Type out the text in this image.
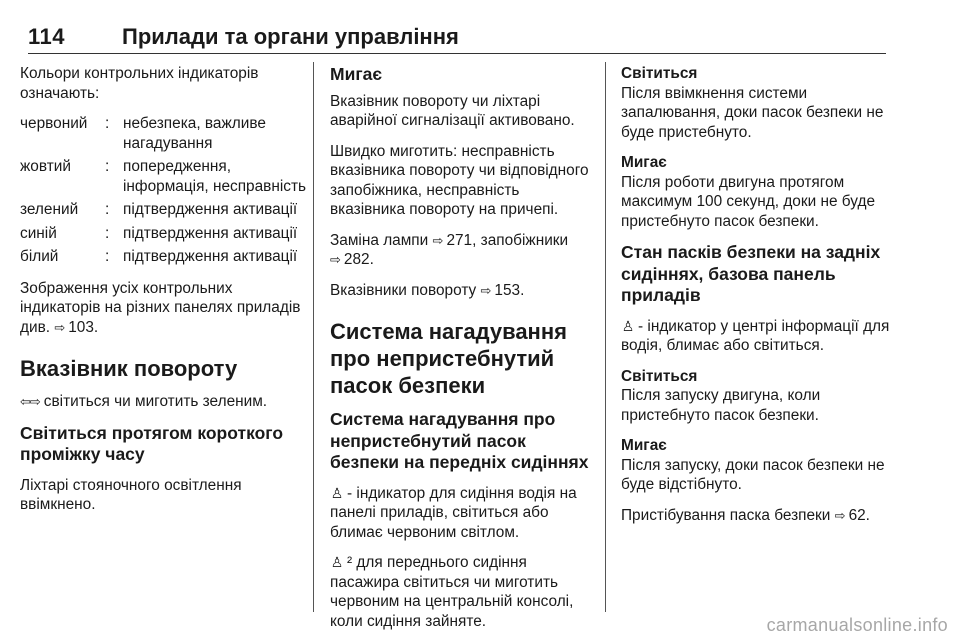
114	Прилади та органи управління

Кольори контрольних індикаторів означають:

червоний	: небезпека, важливе нагадування
жовтий	: попередження, інформація, несправність
зелений	: підтвердження активації
синій	: підтвердження активації
білий	: підтвердження активації

Зображення усіх контрольних індикаторів на різних панелях приладів див. ⇨ 103.

Вказівник повороту

⇦⇨ світиться чи миготить зеленим.

Світиться протягом короткого проміжку часу

Ліхтарі стояночного освітлення ввімкнено.

Мигає

Вказівник повороту чи ліхтарі аварійної сигналізації активовано.

Швидко миготить: несправність вказівника повороту чи відповідного запобіжника, несправність вказівника повороту на причепі.

Заміна лампи ⇨ 271, запобіжники
⇨ 282.

Вказівники повороту ⇨ 153.

Система нагадування про непристебнутий пасок безпеки
Система нагадування про непристебнутий пасок безпеки на передніх сидіннях

♙ - індикатор для сидіння водія на панелі приладів, світиться або блимає червоним світлом.

♙ ² для переднього сидіння пасажира світиться чи миготить червоним на центральній консолі, коли сидіння зайняте.

Світиться

Після ввімкнення системи запалювання, доки пасок безпеки не буде пристебнуто.

Мигає

Після роботи двигуна протягом максимум 100 секунд, доки не буде пристебнуто пасок безпеки.

Стан пасків безпеки на задніх сидіннях, базова панель приладів

♙ - індикатор у центрі інформації для водія, блимає або світиться.

Світиться

Після запуску двигуна, коли пристебнуто пасок безпеки.

Мигає

Після запуску, доки пасок безпеки не буде відстібнуто.

Пристібування паска безпеки ⇨ 62.

carmanualsonline.info
